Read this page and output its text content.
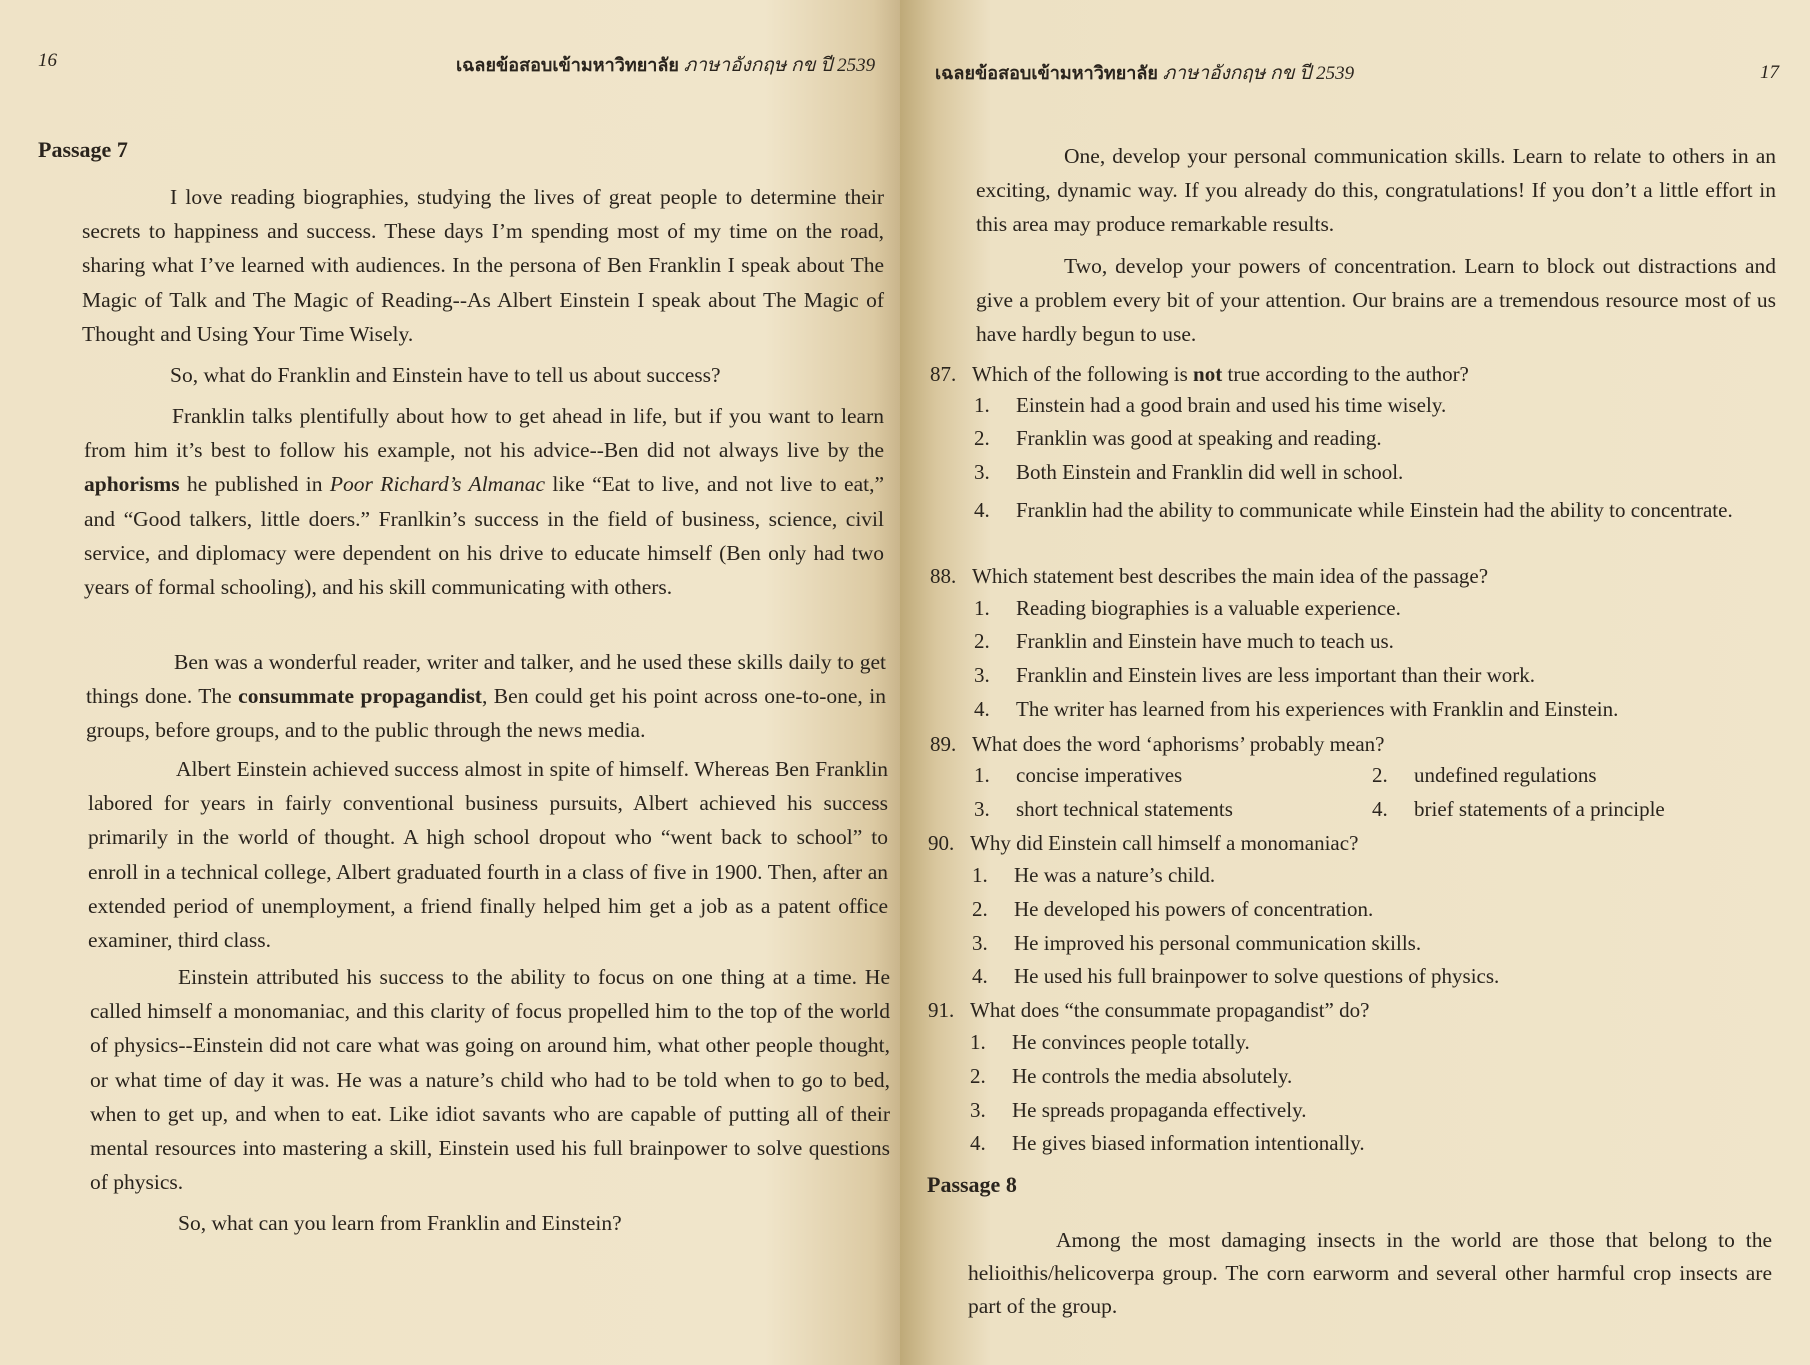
16	เฉลยข้อสอบเข้ามหาวิทยาลัย ภาษาอังกฤษ กข ปี 2539
Passage 7
I love reading biographies, studying the lives of great people to determine their secrets to happiness and success. These days I’m spending most of my time on the road, sharing what I’ve learned with audiences. In the persona of Ben Franklin I speak about The Magic of Talk and The Magic of Reading--As Albert Einstein I speak about The Magic of Thought and Using Your Time Wisely.
So, what do Franklin and Einstein have to tell us about success?
Franklin talks plentifully about how to get ahead in life, but if you want to learn from him it’s best to follow his example, not his advice--Ben did not always live by the aphorisms he published in Poor Richard’s Almanac like “Eat to live, and not live to eat,” and “Good talkers, little doers.” Franlkin’s success in the field of business, science, civil service, and diplomacy were dependent on his drive to educate himself (Ben only had two years of formal schooling), and his skill communicating with others.
Ben was a wonderful reader, writer and talker, and he used these skills daily to get things done. The consummate propagandist, Ben could get his point across one-to-one, in groups, before groups, and to the public through the news media.
Albert Einstein achieved success almost in spite of himself. Whereas Ben Franklin labored for years in fairly conventional business pursuits, Albert achieved his success primarily in the world of thought. A high school dropout who “went back to school” to enroll in a technical college, Albert graduated fourth in a class of five in 1900. Then, after an extended period of unemployment, a friend finally helped him get a job as a patent office examiner, third class.
Einstein attributed his success to the ability to focus on one thing at a time. He called himself a monomaniac, and this clarity of focus propelled him to the top of the world of physics--Einstein did not care what was going on around him, what other people thought, or what time of day it was. He was a nature’s child who had to be told when to go to bed, when to get up, and when to eat. Like idiot savants who are capable of putting all of their mental resources into mastering a skill, Einstein used his full brainpower to solve questions of physics.
So, what can you learn from Franklin and Einstein?
เฉลยข้อสอบเข้ามหาวิทยาลัย ภาษาอังกฤษ กข ปี 2539	17
One, develop your personal communication skills. Learn to relate to others in an exciting, dynamic way. If you already do this, congratulations! If you don’t a little effort in this area may produce remarkable results.
Two, develop your powers of concentration. Learn to block out distractions and give a problem every bit of your attention. Our brains are a tremendous resource most of us have hardly begun to use.
87. Which of the following is not true according to the author?
1. Einstein had a good brain and used his time wisely.
2. Franklin was good at speaking and reading.
3. Both Einstein and Franklin did well in school.
4. Franklin had the ability to communicate while Einstein had the ability to concentrate.
88. Which statement best describes the main idea of the passage?
1. Reading biographies is a valuable experience.
2. Franklin and Einstein have much to teach us.
3. Franklin and Einstein lives are less important than their work.
4. The writer has learned from his experiences with Franklin and Einstein.
89. What does the word ‘aphorisms’ probably mean?
1. concise imperatives	2. undefined regulations
3. short technical statements	4. brief statements of a principle
90. Why did Einstein call himself a monomaniac?
1. He was a nature’s child.
2. He developed his powers of concentration.
3. He improved his personal communication skills.
4. He used his full brainpower to solve questions of physics.
91. What does “the consummate propagandist” do?
1. He convinces people totally.
2. He controls the media absolutely.
3. He spreads propaganda effectively.
4. He gives biased information intentionally.
Passage 8
Among the most damaging insects in the world are those that belong to the helioithis/helicoverpa group. The corn earworm and several other harmful crop insects are part of the group.
